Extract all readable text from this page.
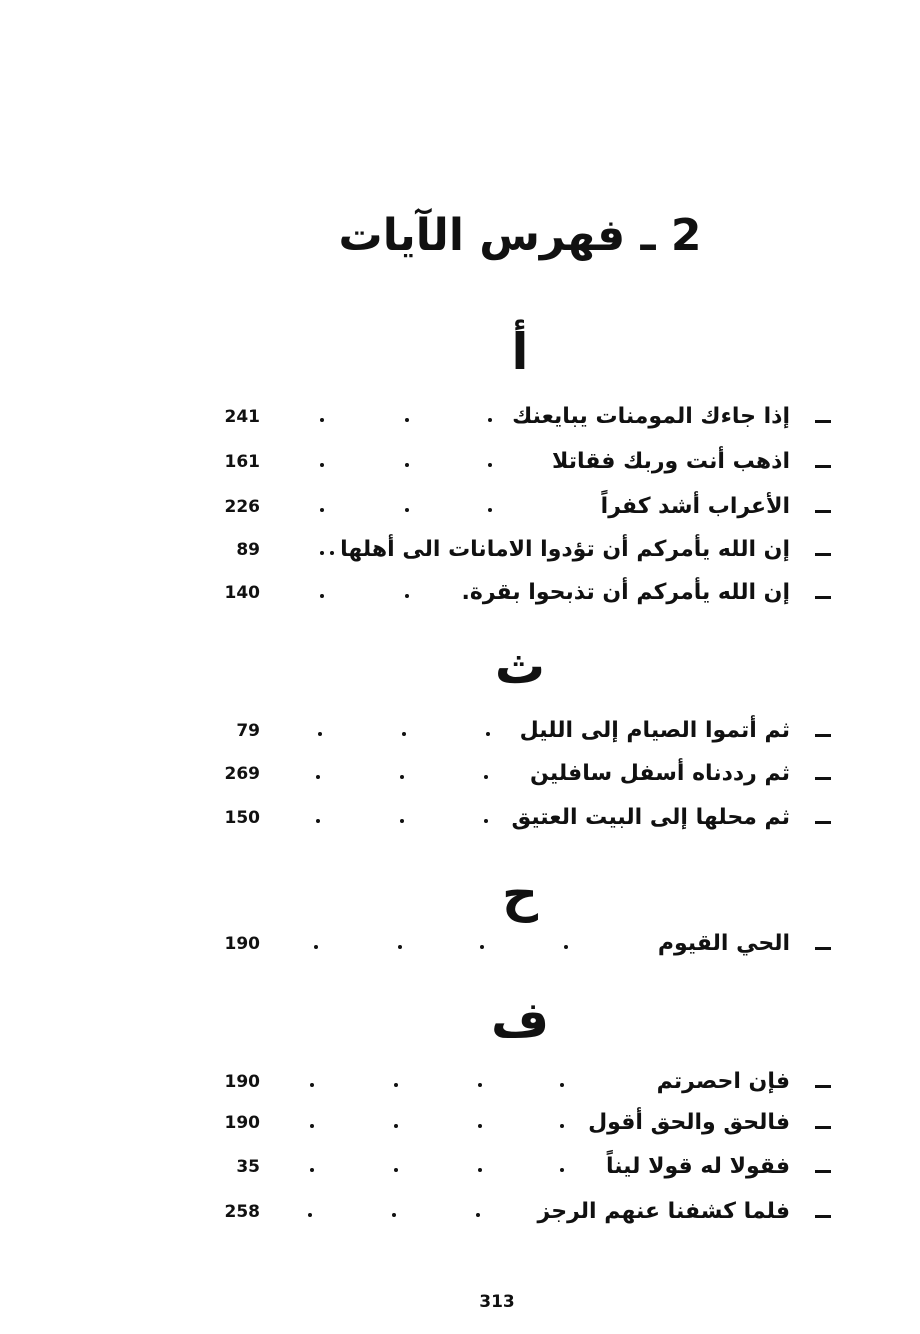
2 ـ فهرس الآيات
أ
241	إذا جاءك المومنات يبايعنك
161	اذهب أنت وربك فقاتلا
226	الأعراب أشد كفراً
89	إن الله يأمركم أن تؤدوا الامانات الى أهلها
140	إن الله يأمركم أن تذبحوا بقرة.
ث
79	ثم أتموا الصيام إلى الليل
269	ثم رددناه أسفل سافلين
150	ثم محلها إلى البيت العتيق
ح
190	الحي القيوم
ف
190	فإن احصرتم
190	فالحق والحق أقول
35	فقولا له قولا ليناً
258	فلما كشفنا عنهم الرجز
313
